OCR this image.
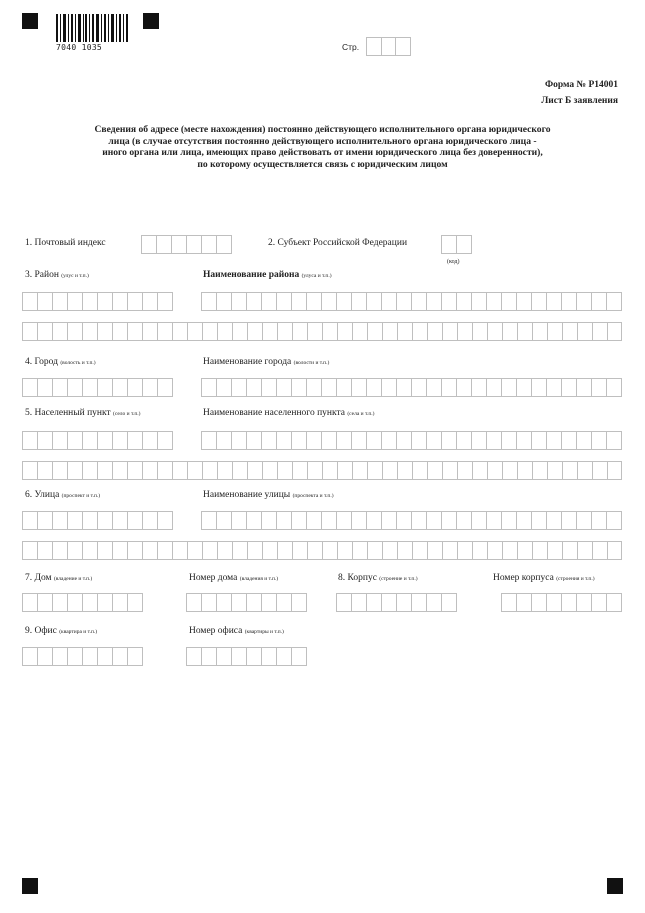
7040 1035	Стр.
Форма № Р14001
Лист Б заявления
Сведения об адресе (месте нахождения) постоянно действующего исполнительного органа юридического
лица (в случае отсутствия постоянно действующего исполнительного органа юридического лица -
иного органа или лица, имеющих право действовать от имени юридического лица без доверенности),
по которому осуществляется связь с юридическим лицом
1. Почтовый индекс	2. Субъект Российской Федерации
(код)
3. Район (улус и т.п.)	Наименование района (улуса и т.п.)
4. Город (волость и т.п.)	Наименование города (волости и т.п.)
5. Населенный пункт (село и т.п.)	Наименование населенного пункта (села и т.п.)
6. Улица (проспект и т.п.)	Наименование улицы (проспекта и т.п.)
7. Дом (владение и т.п.)	Номер дома (владения и т.п.)	8. Корпус (строение и т.п.)	Номер корпуса (строения и т.п.)
9. Офис (квартира и т.п.)	Номер офиса (квартиры и т.п.)
